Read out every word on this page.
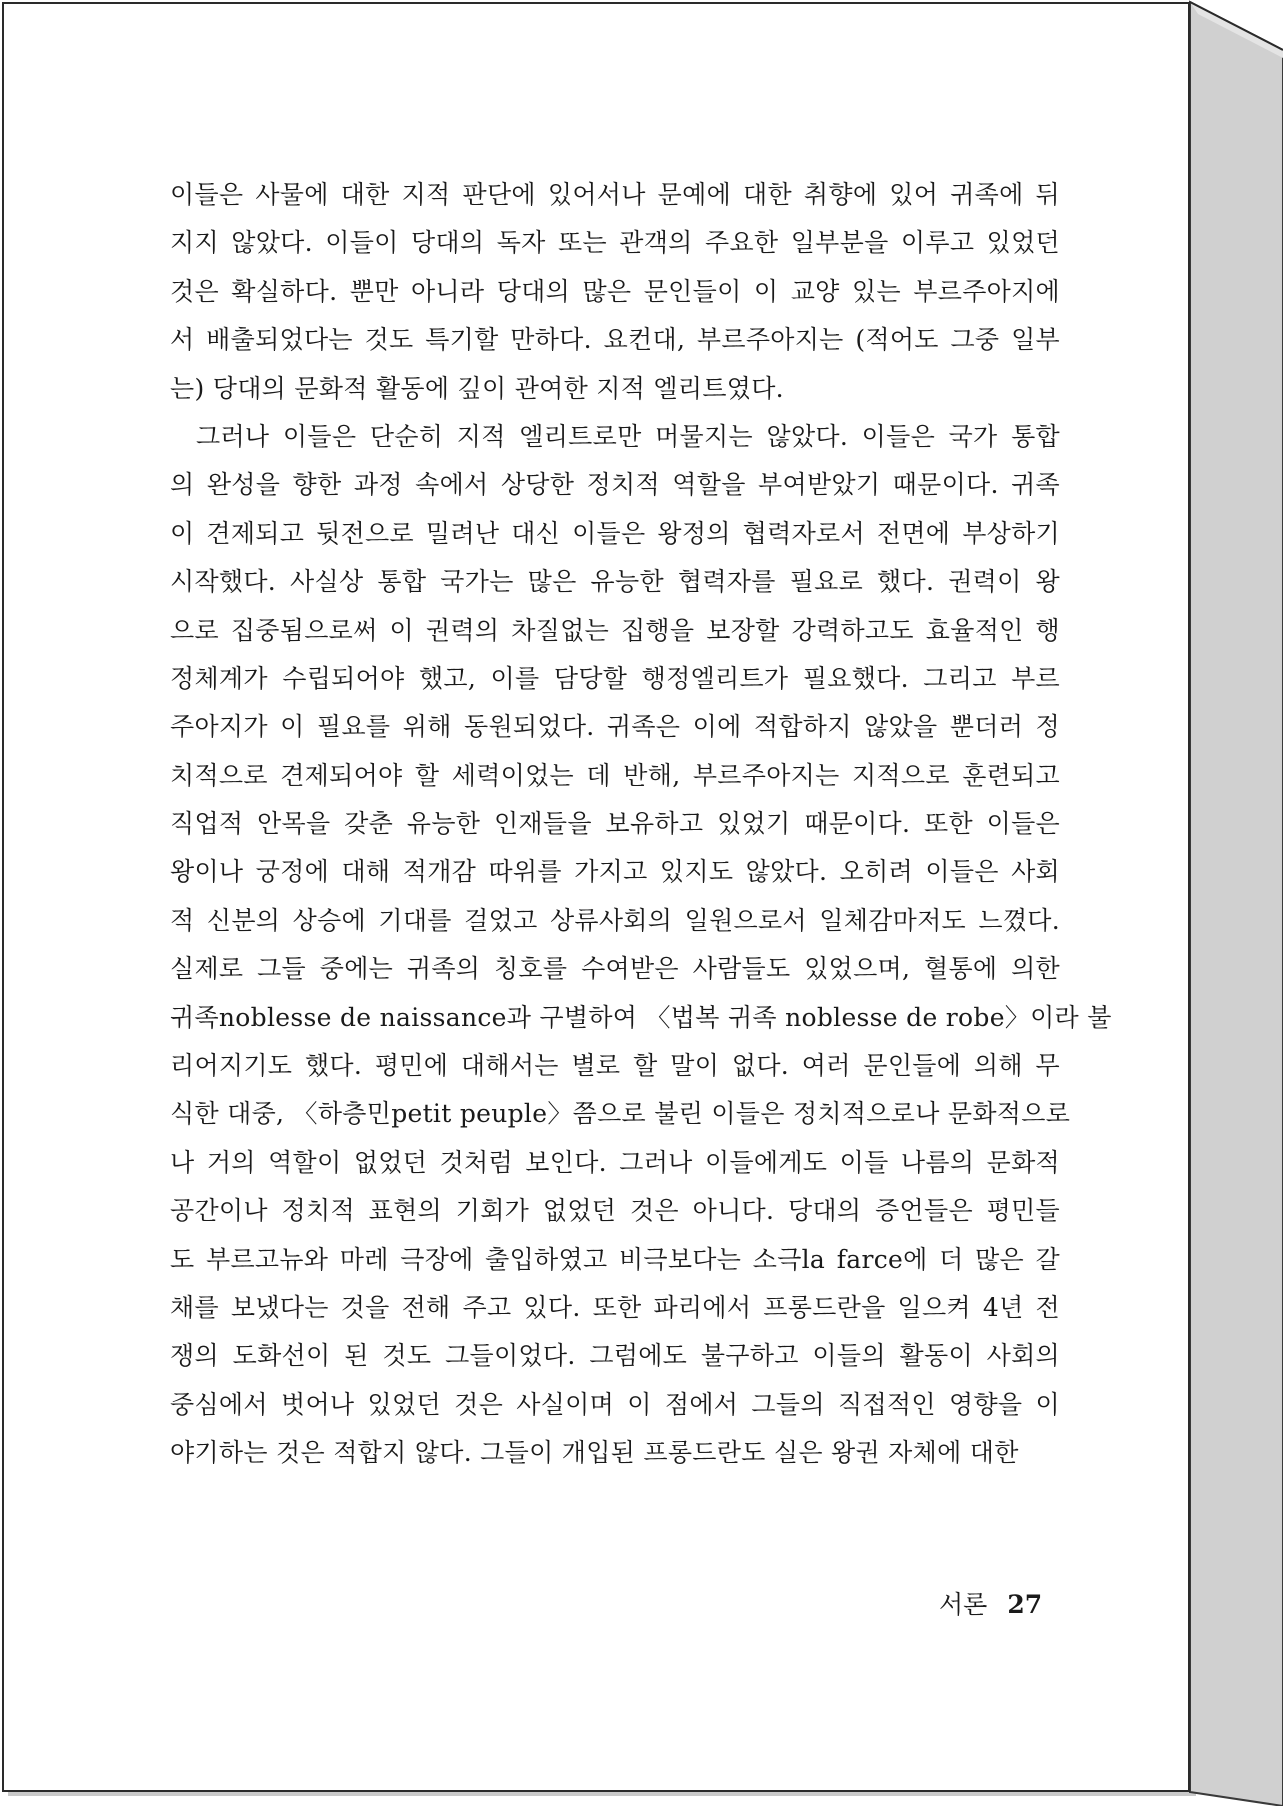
이들은 사물에 대한 지적 판단에 있어서나 문예에 대한 취향에 있어 귀족에 뒤
지지 않았다. 이들이 당대의 독자 또는 관객의 주요한 일부분을 이루고 있었던
것은 확실하다. 뿐만 아니라 당대의 많은 문인들이 이 교양 있는 부르주아지에
서 배출되었다는 것도 특기할 만하다. 요컨대, 부르주아지는 (적어도 그중 일부
는) 당대의 문화적 활동에 깊이 관여한 지적 엘리트였다.
그러나 이들은 단순히 지적 엘리트로만 머물지는 않았다. 이들은 국가 통합
의 완성을 향한 과정 속에서 상당한 정치적 역할을 부여받았기 때문이다. 귀족
이 견제되고 뒷전으로 밀려난 대신 이들은 왕정의 협력자로서 전면에 부상하기
시작했다. 사실상 통합 국가는 많은 유능한 협력자를 필요로 했다. 권력이 왕
으로 집중됨으로써 이 권력의 차질없는 집행을 보장할 강력하고도 효율적인 행
정체계가 수립되어야 했고, 이를 담당할 행정엘리트가 필요했다. 그리고 부르
주아지가 이 필요를 위해 동원되었다. 귀족은 이에 적합하지 않았을 뿐더러 정
치적으로 견제되어야 할 세력이었는 데 반해, 부르주아지는 지적으로 훈련되고
직업적 안목을 갖춘 유능한 인재들을 보유하고 있었기 때문이다. 또한 이들은
왕이나 궁정에 대해 적개감 따위를 가지고 있지도 않았다. 오히려 이들은 사회
적 신분의 상승에 기대를 걸었고 상류사회의 일원으로서 일체감마저도 느꼈다.
실제로 그들 중에는 귀족의 칭호를 수여받은 사람들도 있었으며, 혈통에 의한
귀족noblesse de naissance과 구별하여 〈법복 귀족 noblesse de robe〉이라 불
리어지기도 했다. 평민에 대해서는 별로 할 말이 없다. 여러 문인들에 의해 무
식한 대중, 〈하층민petit peuple〉쯤으로 불린 이들은 정치적으로나 문화적으로
나 거의 역할이 없었던 것처럼 보인다. 그러나 이들에게도 이들 나름의 문화적
공간이나 정치적 표현의 기회가 없었던 것은 아니다. 당대의 증언들은 평민들
도 부르고뉴와 마레 극장에 출입하였고 비극보다는 소극la farce에 더 많은 갈
채를 보냈다는 것을 전해 주고 있다. 또한 파리에서 프롱드란을 일으켜 4년 전
쟁의 도화선이 된 것도 그들이었다. 그럼에도 불구하고 이들의 활동이 사회의
중심에서 벗어나 있었던 것은 사실이며 이 점에서 그들의 직접적인 영향을 이
야기하는 것은 적합지 않다. 그들이 개입된 프롱드란도 실은 왕권 자체에 대한
서론 27
